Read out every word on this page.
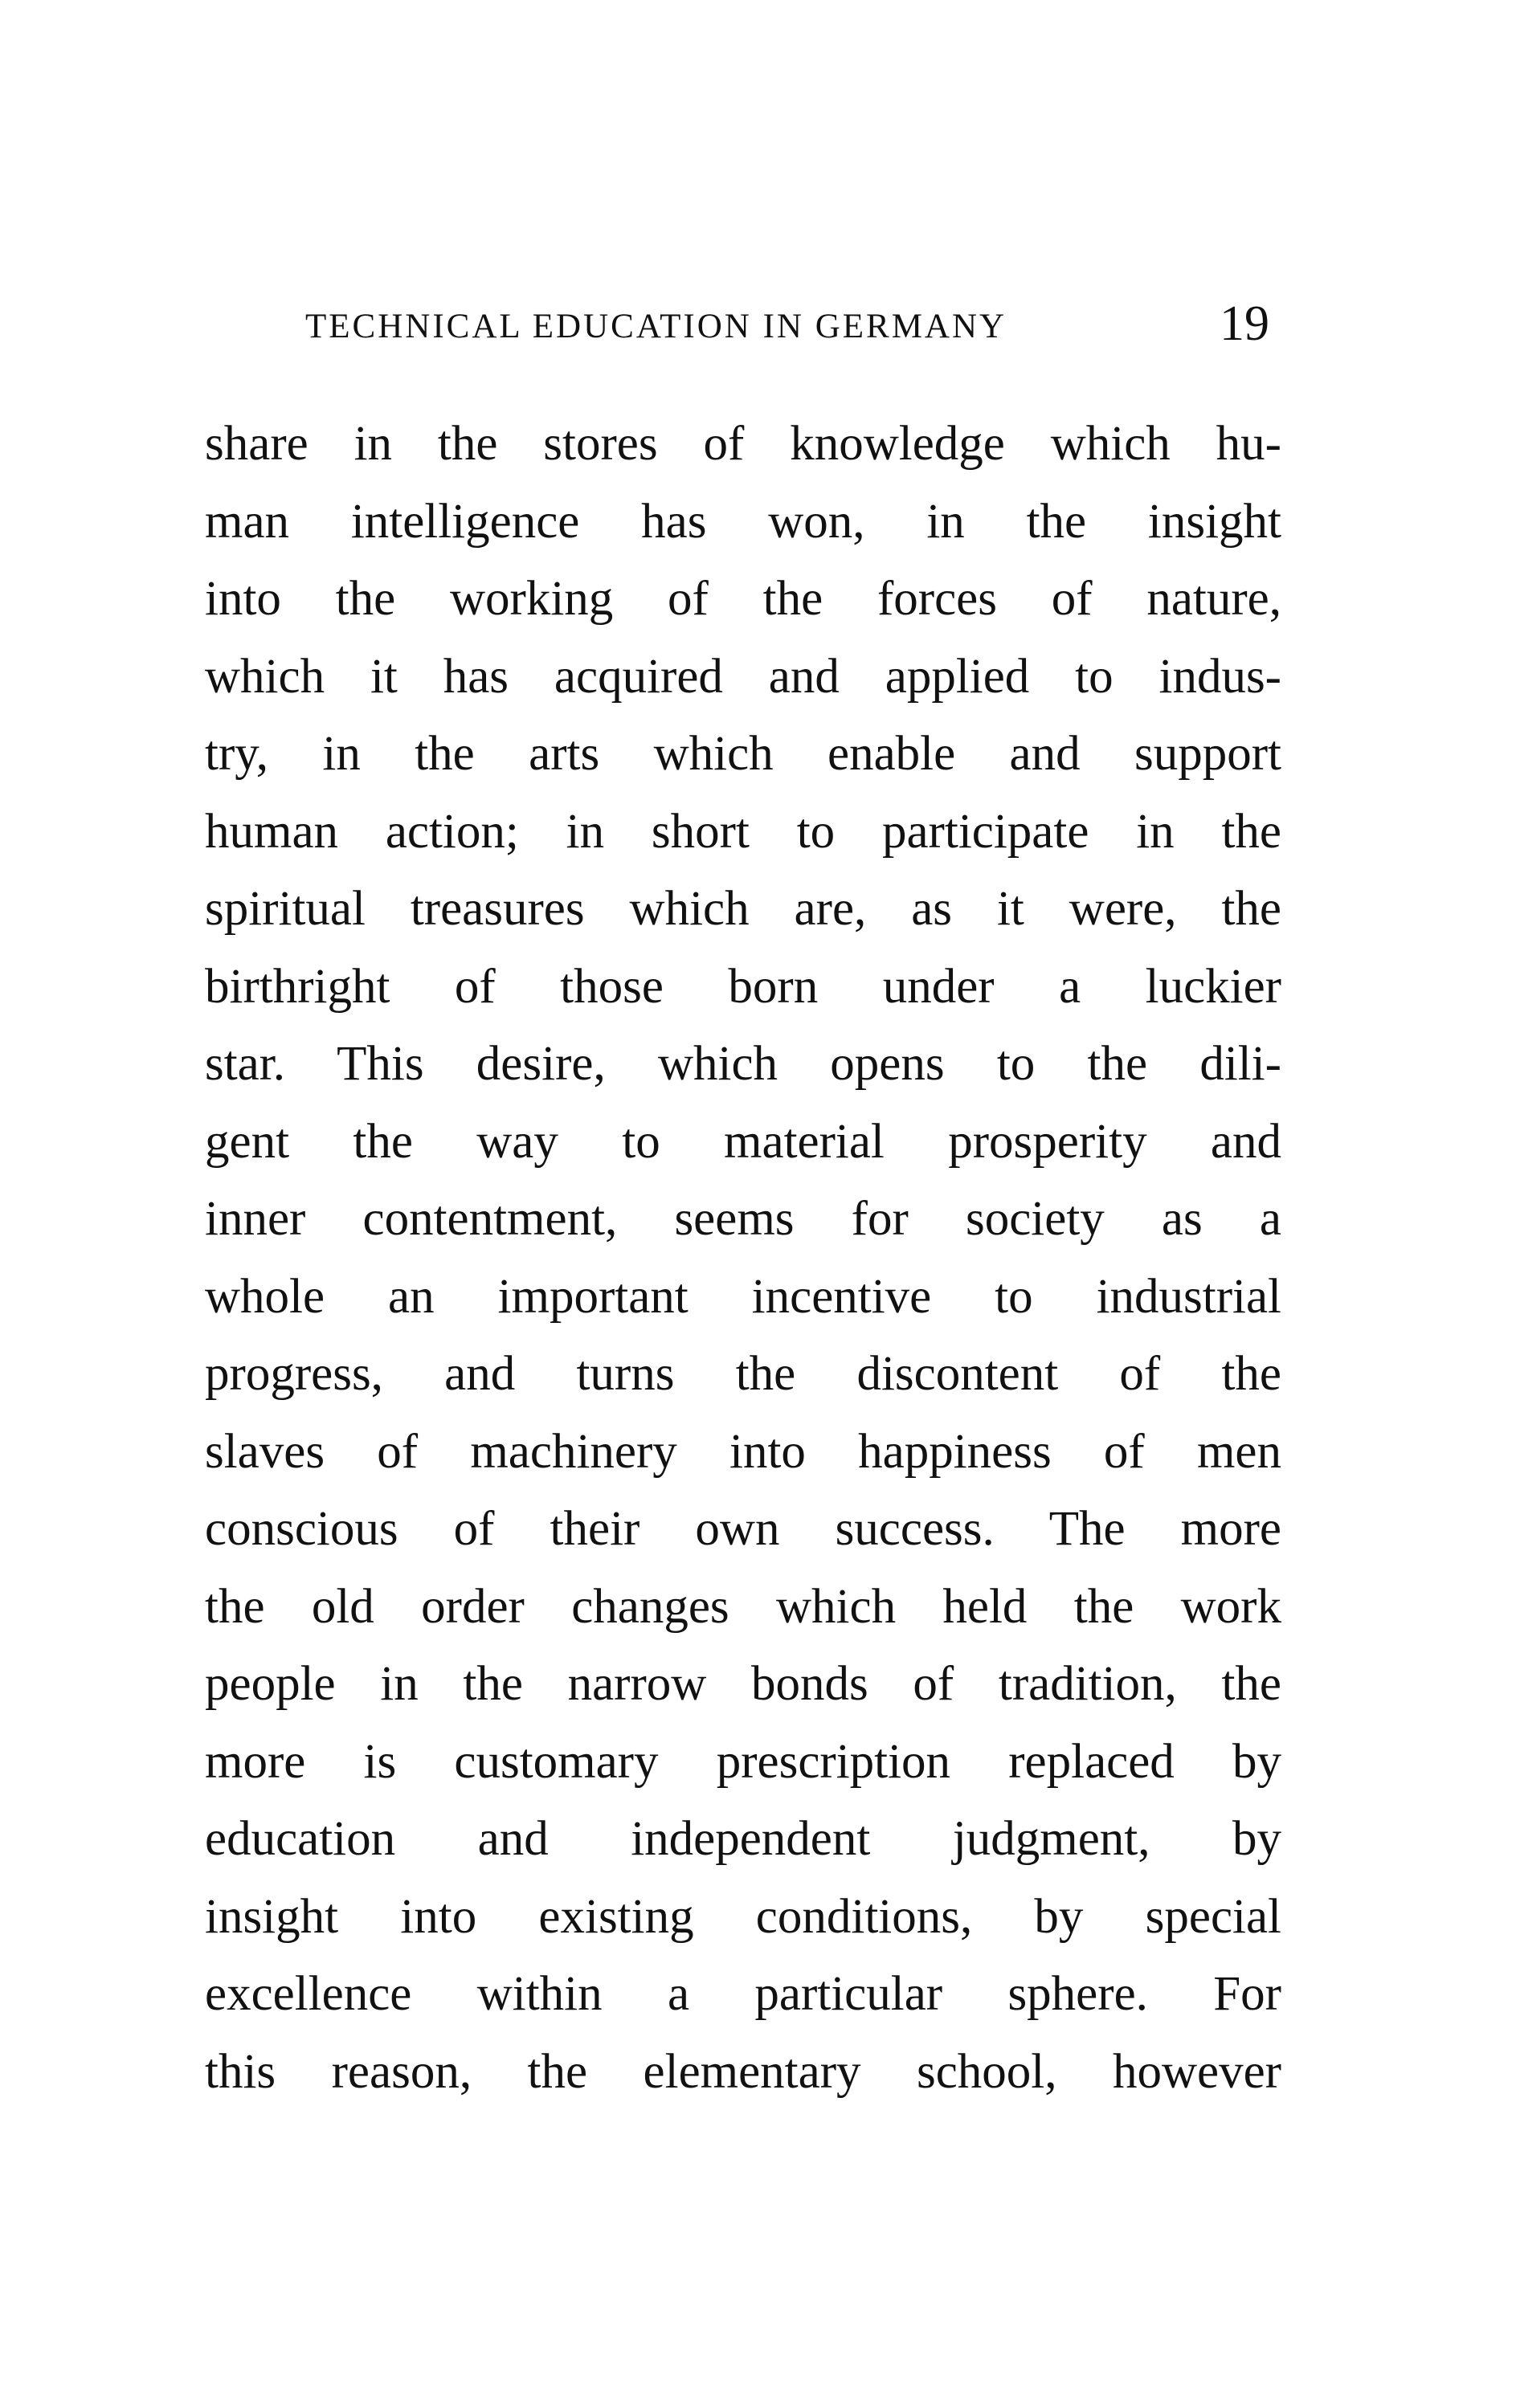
TECHNICAL EDUCATION IN GERMANY	19
share in the stores of knowledge which hu-
man intelligence has won, in the insight
into the working of the forces of nature,
which it has acquired and applied to indus-
try, in the arts which enable and support
human action; in short to participate in the
spiritual treasures which are, as it were, the
birthright of those born under a luckier
star. This desire, which opens to the dili-
gent the way to material prosperity and
inner contentment, seems for society as a
whole an important incentive to industrial
progress, and turns the discontent of the
slaves of machinery into happiness of men
conscious of their own success. The more
the old order changes which held the work
people in the narrow bonds of tradition, the
more is customary prescription replaced by
education and independent judgment, by
insight into existing conditions, by special
excellence within a particular sphere. For
this reason, the elementary school, however
